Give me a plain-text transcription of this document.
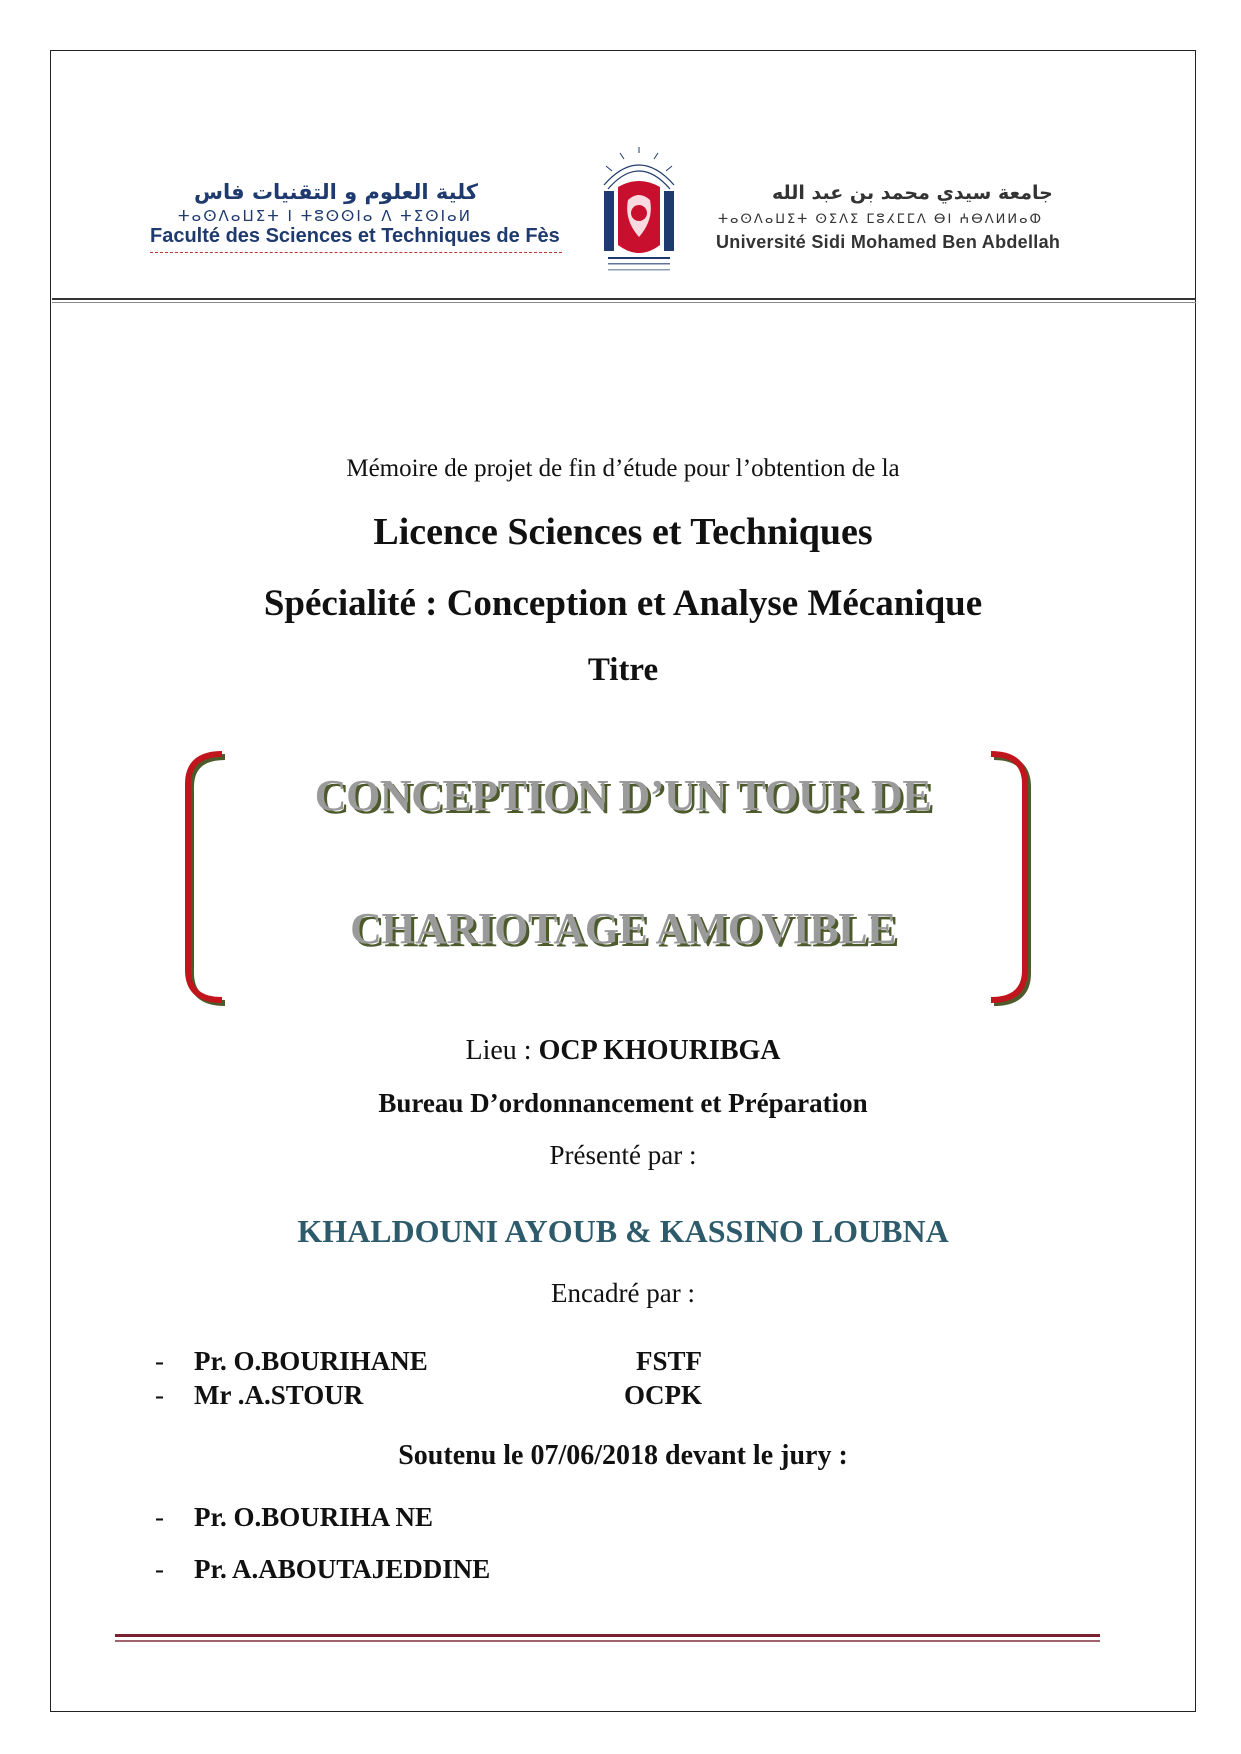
كلية العلوم و التقنيات فاس
ⵜⴰⵙⴷⴰⵡⵉⵜ ⵏ ⵜⵓⵙⵙⵏⴰ ⴷ ⵜⵉⵙⵏⴰⵍ
Faculté des Sciences et Techniques de Fès
جامعة سيدي محمد بن عبد الله
ⵜⴰⵙⴷⴰⵡⵉⵜ ⵙⵉⴷⵉ ⵎⵓⵃⵎⵎⴷ ⴱⵏ ⵄⴱⴷⵍⵍⴰⵀ
Université Sidi Mohamed Ben Abdellah
Mémoire de projet de fin d’étude pour l’obtention de la
Licence Sciences et Techniques
Spécialité : Conception et Analyse Mécanique
Titre
CONCEPTION D’UN TOUR DE
CHARIOTAGE AMOVIBLE
Lieu : OCP KHOURIBGA
Bureau D’ordonnancement et Préparation
Présenté par :
KHALDOUNI AYOUB & KASSINO LOUBNA
Encadré par :
- Pr. O.BOURIHANE	FSTF
- Mr .A.STOUR	OCPK
Soutenu le 07/06/2018 devant le jury :
- Pr. O.BOURIHA NE
- Pr. A.ABOUTAJEDDINE
